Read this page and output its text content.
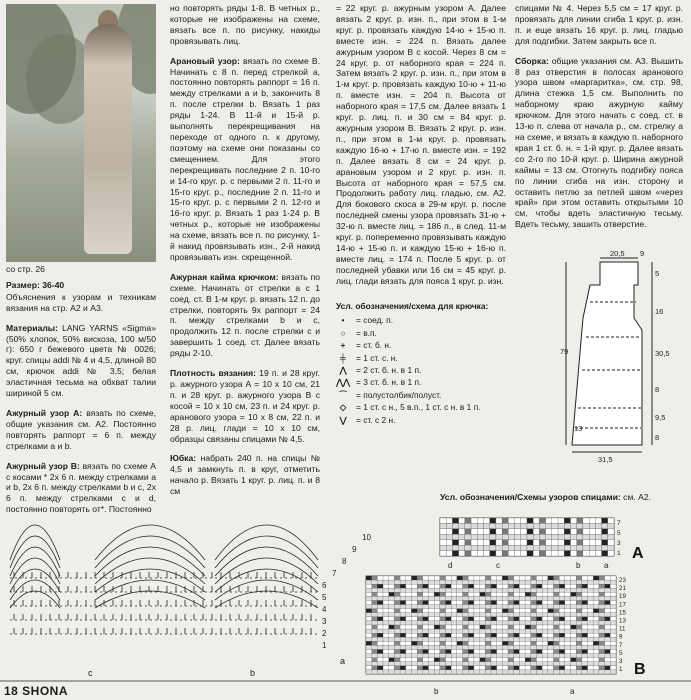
со стр. 26

Размер: 36-40

Объяснения к узорам и техникам вязания на стр. А2 и А3.

Материалы: LANG YARNS «Sigma» (50% хлопок, 50% вискоза, 100 м/50 г): 650 г бежевого цвета № 0026; круг. спицы addi № 4 и 4,5, длиной 80 см, крючок addi № 3,5; белая эластичная тесьма на обхват талии шириной 5 см.

Ажурный узор А: вязать по схеме, общие указания см. А2. Постоянно повторять раппорт = 6 п. между стрелками a и b.

Ажурный узор В: вязать по схеме А с косами * 2х 6 п. между стрелками a и b, 2х 6 п. между стрелками b и c, 2х 6 п. между стрелками с и d, постоянно повторять от*. Постоянно

но повторять ряды 1-8. В четных р., которые не изображены на схеме, вязать все п. по рисунку, накиды провязывать лиц.

Арановый узор: вязать по схеме В. Начинать с 8 п. перед стрелкой а, постоянно повторять раппорт = 16 п. между стрелками а и b, закончить 8 п. после стрелки b. Вязать 1 раз ряды 1-24. В 11-й и 15-й р. выполнять перекрещивания на переходе от одного п. к другому, поэтому на схеме они показаны со смещением. Для этого перекрещивать последние 2 п. 10-го и 14-го круг. р. с первыми 2 п. 11-го и 15-го круг. р., последние 2 п. 11-го и 15-го круг. р. с первыми 2 п. 12-го и 16-го круг. р. Вязать 1 раз 1-24 р. В четных р., которые не изображены на схеме, вязать все п. по рисунку, 1-й накид провязывать изн., 2-й накид провязывать изн. скрещенной.

Ажурная кайма крючком: вязать по схеме. Начинать от стрелки a с 1 соед. ст. В 1-м круг. р. вязать 12 п. до стрелки, повторять 9х раппорт = 24 п. между стрелками b и с, продолжить 12 п. после стрелки с и завершить 1 соед. ст. Далее вязать ряды 2-10.

Плотность вязания: 19 п. и 28 круг. р. ажурного узора А = 10 х 10 см, 21 п. и 28 круг. р. ажурного узора В с косой = 10 х 10 см, 23 п. и 24 круг. р. аранового узора = 10 х 8 см, 22 п. и 28 р. лиц. глади = 10 х 10 см, образцы связаны спицами № 4,5.

Юбка: набрать 240 п. на спицы № 4,5 и замкнуть п. в круг, отметить начало р. Вязать 1 круг. р. лиц. п. и 8 см

= 22 круг. р. ажурным узором А. Далее вязать 2 круг. р. изн. п., при этом в 1-м круг. р. провязать каждую 14-ю + 15-ю п. вместе изн. = 224 п. Вязать далее ажурным узором В с косой. Через 8 см = 24 круг. р. от наборного края = 224 п. Затем вязать 2 круг. р. изн. п., при этом в 1-м круг. р. провязать каждую 10-ю + 11-ю п. вместе изн. = 204 п. Высота от наборного края = 17,5 см. Далее вязать 1 круг. р. лиц. п. и 30 см = 84 круг. р. ажурным узором В. Вязать 2 круг. р. изн. п., при этом в 1-м круг. р. провязать каждую 16-ю + 17-ю п. вместе изн. = 192 п. Далее вязать 8 см = 24 круг. р. арановым узором и 2 круг. р. изн. п. Высота от наборного края = 57,5 см. Продолжить работу лиц. гладью, см. А2. Для бокового скоса в 29-м круг. р. после последней смены узора провязать 31-ю + 32-ю п. вместе лиц. = 186 п., в след. 11-м круг. р. попеременно провязывать каждую 14-ю + 15-ю п. и каждую 15-ю + 16-ю п. вместе лиц. = 174 п. После 5 круг. р. от последней убавки или 16 см = 45 круг. р. лиц. глади вязать для пояса 1 круг. р. изн.

Усл. обозначения/схема для крючка:
•	= соед. п.
○	= в.п.
+	= ст. б. н.
╪	= 1 ст. с. н.
⋀	= 2 ст. б. н. в 1 п.
⋀⋀ = 3 ст. б. н. в 1 п.
⌒	= полустолбик/полуст.
◇	= 1 ст. с н., 5 в.п., 1 ст. с н. в 1 п.
⋁	= ст. с 2 н.

спицами № 4. Через 5,5 см = 17 круг. р. провязать для линии сгиба 1 круг. р. изн. п. и еще вязать 16 круг. р. лиц. гладью для подгибки. Затем закрыть все п.

Сборка: общие указания см. А3. Вышить 8 раз отверстия в полосах аранового узора швом «маргаритка», см. стр. 98, длина стежка 1,5 см. Выполнить по наборному краю ажурную кайму крючком. Для этого начать с соед. ст. в 13-ю п. слева от начала р., см. стрелку а на схеме, и вязать в каждую п. наборного края 1 ст. б. н. = 1-й круг. р. Далее вязать со 2-го по 10-й круг. р. Ширина ажурной каймы = 13 см. Отогнуть подгибку пояса по линии сгиба на изн. сторону и оставить петлю за петлей швом «через край» при этом оставить открытыми 10 см, чтобы вдеть эластичную тесьму. Вдеть тесьму, зашить отверстие.

Усл. обозначения/Схемы узоров спицами: см. А2.
20,5 9
5
16
79	30,5
8
9,5
8
31,5
13
c	b
a
10
9
8
7
6
5
4
3
2
1
d	c	b	a
A
7
5
3
1
b	a
B
23
21
19
17
15
13
11
9
7
5
3
1
18 SHONA
